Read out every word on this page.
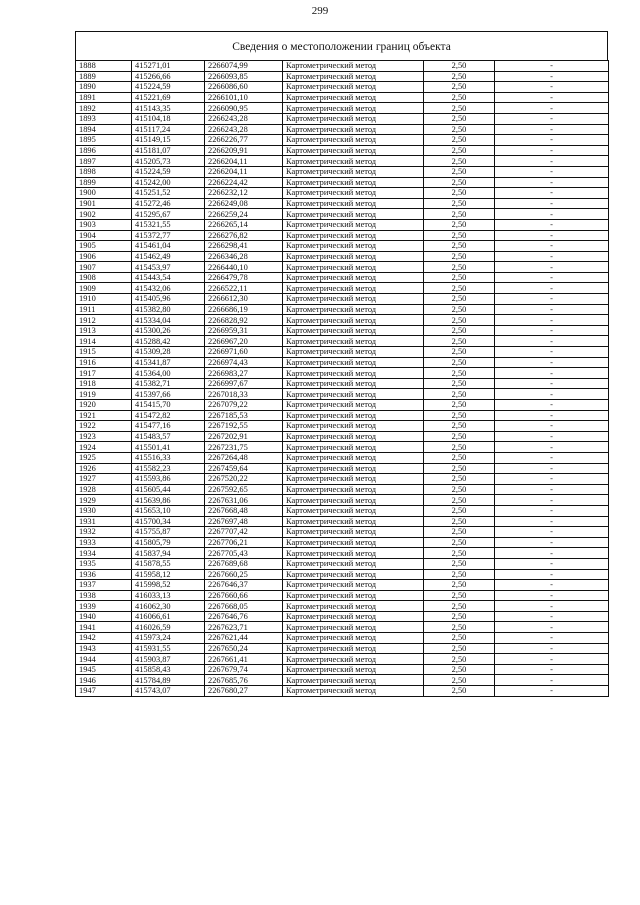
299
Сведения о местоположении границ объекта
1888	415271,01	2266074,99	Картометрический метод	2,50	-
1889	415266,66	2266093,85	Картометрический метод	2,50	-
1890	415224,59	2266086,60	Картометрический метод	2,50	-
1891	415221,69	2266101,10	Картометрический метод	2,50	-
1892	415143,35	2266090,95	Картометрический метод	2,50	-
1893	415104,18	2266243,28	Картометрический метод	2,50	-
1894	415117,24	2266243,28	Картометрический метод	2,50	-
1895	415149,15	2266226,77	Картометрический метод	2,50	-
1896	415181,07	2266209,91	Картометрический метод	2,50	-
1897	415205,73	2266204,11	Картометрический метод	2,50	-
1898	415224,59	2266204,11	Картометрический метод	2,50	-
1899	415242,00	2266224,42	Картометрический метод	2,50	-
1900	415251,52	2266232,12	Картометрический метод	2,50	-
1901	415272,46	2266249,08	Картометрический метод	2,50	-
1902	415295,67	2266259,24	Картометрический метод	2,50	-
1903	415321,55	2266265,14	Картометрический метод	2,50	-
1904	415372,77	2266276,82	Картометрический метод	2,50	-
1905	415461,04	2266298,41	Картометрический метод	2,50	-
1906	415462,49	2266346,28	Картометрический метод	2,50	-
1907	415453,97	2266440,10	Картометрический метод	2,50	-
1908	415443,54	2266479,78	Картометрический метод	2,50	-
1909	415432,06	2266522,11	Картометрический метод	2,50	-
1910	415405,96	2266612,30	Картометрический метод	2,50	-
1911	415382,80	2266686,19	Картометрический метод	2,50	-
1912	415334,04	2266828,92	Картометрический метод	2,50	-
1913	415300,26	2266959,31	Картометрический метод	2,50	-
1914	415288,42	2266967,20	Картометрический метод	2,50	-
1915	415309,28	2266971,60	Картометрический метод	2,50	-
1916	415341,87	2266974,43	Картометрический метод	2,50	-
1917	415364,00	2266983,27	Картометрический метод	2,50	-
1918	415382,71	2266997,67	Картометрический метод	2,50	-
1919	415397,66	2267018,33	Картометрический метод	2,50	-
1920	415415,70	2267079,22	Картометрический метод	2,50	-
1921	415472,82	2267185,53	Картометрический метод	2,50	-
1922	415477,16	2267192,55	Картометрический метод	2,50	-
1923	415483,57	2267202,91	Картометрический метод	2,50	-
1924	415501,41	2267231,75	Картометрический метод	2,50	-
1925	415516,33	2267264,48	Картометрический метод	2,50	-
1926	415582,23	2267459,64	Картометрический метод	2,50	-
1927	415593,86	2267520,22	Картометрический метод	2,50	-
1928	415605,44	2267592,65	Картометрический метод	2,50	-
1929	415639,86	2267631,06	Картометрический метод	2,50	-
1930	415653,10	2267668,48	Картометрический метод	2,50	-
1931	415700,34	2267697,48	Картометрический метод	2,50	-
1932	415755,87	2267707,42	Картометрический метод	2,50	-
1933	415805,79	2267706,21	Картометрический метод	2,50	-
1934	415837,94	2267705,43	Картометрический метод	2,50	-
1935	415878,55	2267689,68	Картометрический метод	2,50	-
1936	415958,12	2267660,25	Картометрический метод	2,50	-
1937	415998,52	2267646,37	Картометрический метод	2,50	-
1938	416033,13	2267660,66	Картометрический метод	2,50	-
1939	416062,30	2267668,05	Картометрический метод	2,50	-
1940	416066,61	2267646,76	Картометрический метод	2,50	-
1941	416026,59	2267623,71	Картометрический метод	2,50	-
1942	415973,24	2267621,44	Картометрический метод	2,50	-
1943	415931,55	2267650,24	Картометрический метод	2,50	-
1944	415903,87	2267661,41	Картометрический метод	2,50	-
1945	415858,43	2267679,74	Картометрический метод	2,50	-
1946	415784,89	2267685,76	Картометрический метод	2,50	-
1947	415743,07	2267680,27	Картометрический метод	2,50	-
